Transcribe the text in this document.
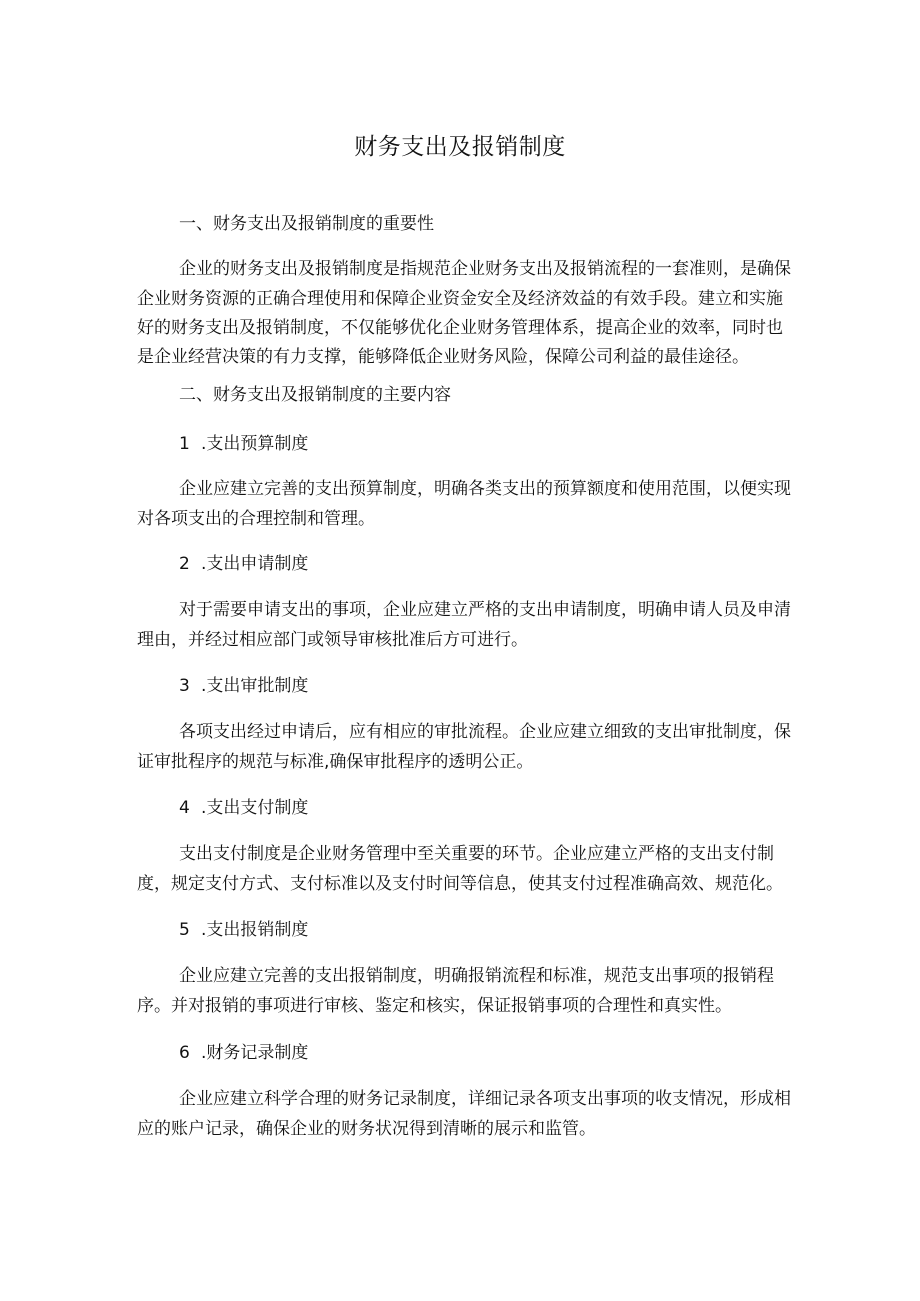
财务支出及报销制度
一、财务支出及报销制度的重要性
企业的财务支出及报销制度是指规范企业财务支出及报销流程的一套准则，是确保
企业财务资源的正确合理使用和保障企业资金安全及经济效益的有效手段。建立和实施
好的财务支出及报销制度，不仅能够优化企业财务管理体系，提高企业的效率，同时也
是企业经营决策的有力支撑，能够降低企业财务风险，保障公司利益的最佳途径。
二、财务支出及报销制度的主要内容
1 .支出预算制度
企业应建立完善的支出预算制度，明确各类支出的预算额度和使用范围，以便实现
对各项支出的合理控制和管理。
2 .支出申请制度
对于需要申请支出的事项，企业应建立严格的支出申请制度，明确申请人员及申清
理由，并经过相应部门或领导审核批准后方可进行。
3 .支出审批制度
各项支出经过申请后，应有相应的审批流程。企业应建立细致的支出审批制度，保
证审批程序的规范与标准,确保审批程序的透明公正。
4 .支出支付制度
支出支付制度是企业财务管理中至关重要的环节。企业应建立严格的支出支付制
度，规定支付方式、支付标准以及支付时间等信息，使其支付过程准确高效、规范化。
5 .支出报销制度
企业应建立完善的支出报销制度，明确报销流程和标准，规范支出事项的报销程
序。并对报销的事项进行审核、鉴定和核实，保证报销事项的合理性和真实性。
6 .财务记录制度
企业应建立科学合理的财务记录制度，详细记录各项支出事项的收支情况，形成相
应的账户记录，确保企业的财务状况得到清晰的展示和监管。
